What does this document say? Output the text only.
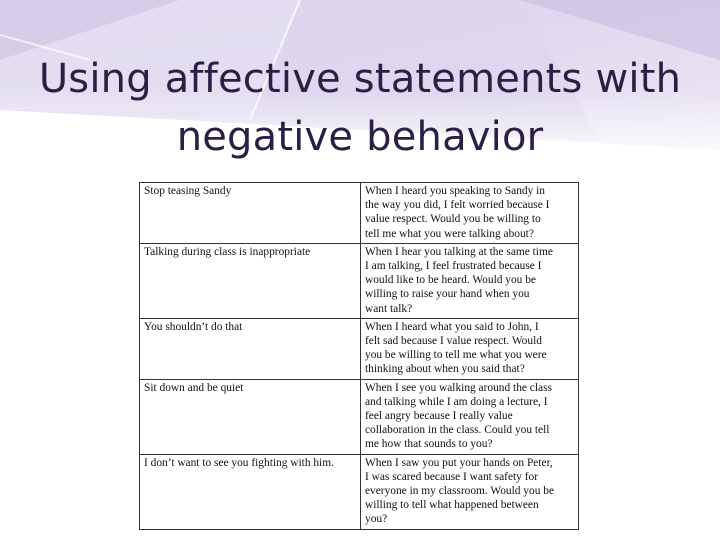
Using affective statements with
negative behavior
Stop teasing Sandy	When I heard you speaking to Sandy in
the way you did, I felt worried because I
value respect. Would you be willing to
tell me what you were talking about?
Talking during class is inappropriate	When I hear you talking at the same time
I am talking, I feel frustrated because I
would like to be heard. Would you be
willing to raise your hand when you
want talk?
You shouldn’t do that	When I heard what you said to John, I
felt sad because I value respect. Would
you be willing to tell me what you were
thinking about when you said that?
Sit down and be quiet	When I see you walking around the class
and talking while I am doing a lecture, I
feel angry because I really value
collaboration in the class. Could you tell
me how that sounds to you?
I don’t want to see you fighting with him.	When I saw you put your hands on Peter,
I was scared because I want safety for
everyone in my classroom. Would you be
willing to tell what happened between
you?
